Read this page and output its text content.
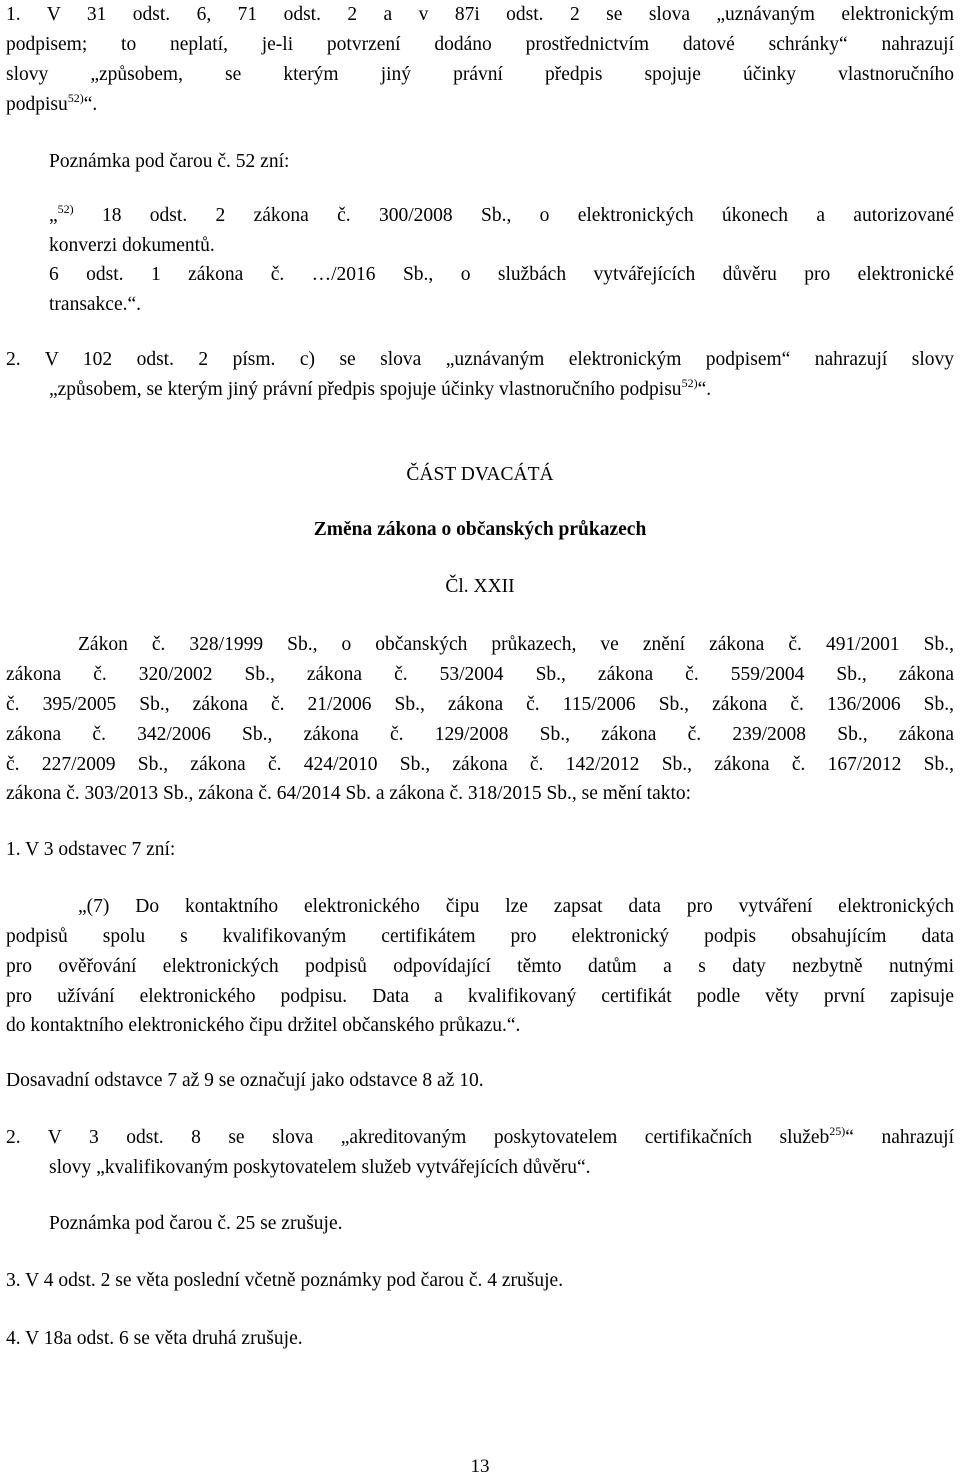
1. V 31 odst. 6, 71 odst. 2 a v 87i odst. 2 se slova „uznávaným elektronickým
podpisem; to neplatí, je-li potvrzení dodáno prostřednictvím datové schránky“ nahrazují
slovy „způsobem, se kterým jiný právní předpis spojuje účinky vlastnoručního
podpisu$^{52)}$“.
Poznámka pod čarou č. 52 zní:
„$^{52)}$ 18 odst. 2 zákona č. 300/2008 Sb., o elektronických úkonech a autorizované
konverzi dokumentů.
6 odst. 1 zákona č. …/2016 Sb., o službách vytvářejících důvěru pro elektronické
transakce.“.
2. V 102 odst. 2 písm. c) se slova „uznávaným elektronickým podpisem“ nahrazují slovy
„způsobem, se kterým jiný právní předpis spojuje účinky vlastnoručního podpisu$^{52)}$“.
ČÁST DVACÁTÁ
Změna zákona o občanských průkazech
Čl. XXII
Zákon č. 328/1999 Sb., o občanských průkazech, ve znění zákona č. 491/2001 Sb.,
zákona č. 320/2002 Sb., zákona č. 53/2004 Sb., zákona č. 559/2004 Sb., zákona
č. 395/2005 Sb., zákona č. 21/2006 Sb., zákona č. 115/2006 Sb., zákona č. 136/2006 Sb.,
zákona č. 342/2006 Sb., zákona č. 129/2008 Sb., zákona č. 239/2008 Sb., zákona
č. 227/2009 Sb., zákona č. 424/2010 Sb., zákona č. 142/2012 Sb., zákona č. 167/2012 Sb.,
zákona č. 303/2013 Sb., zákona č. 64/2014 Sb. a zákona č. 318/2015 Sb., se mění takto:
1. V 3 odstavec 7 zní:
„(7) Do kontaktního elektronického čipu lze zapsat data pro vytváření elektronických
podpisů spolu s kvalifikovaným certifikátem pro elektronický podpis obsahujícím data
pro ověřování elektronických podpisů odpovídající těmto datům a s daty nezbytně nutnými
pro užívání elektronického podpisu. Data a kvalifikovaný certifikát podle věty první zapisuje
do kontaktního elektronického čipu držitel občanského průkazu.“.
Dosavadní odstavce 7 až 9 se označují jako odstavce 8 až 10.
2. V 3 odst. 8 se slova „akreditovaným poskytovatelem certifikačních služeb$^{25)}$“ nahrazují
slovy „kvalifikovaným poskytovatelem služeb vytvářejících důvěru“.
Poznámka pod čarou č. 25 se zrušuje.
3. V 4 odst. 2 se věta poslední včetně poznámky pod čarou č. 4 zrušuje.
4. V 18a odst. 6 se věta druhá zrušuje.
13
